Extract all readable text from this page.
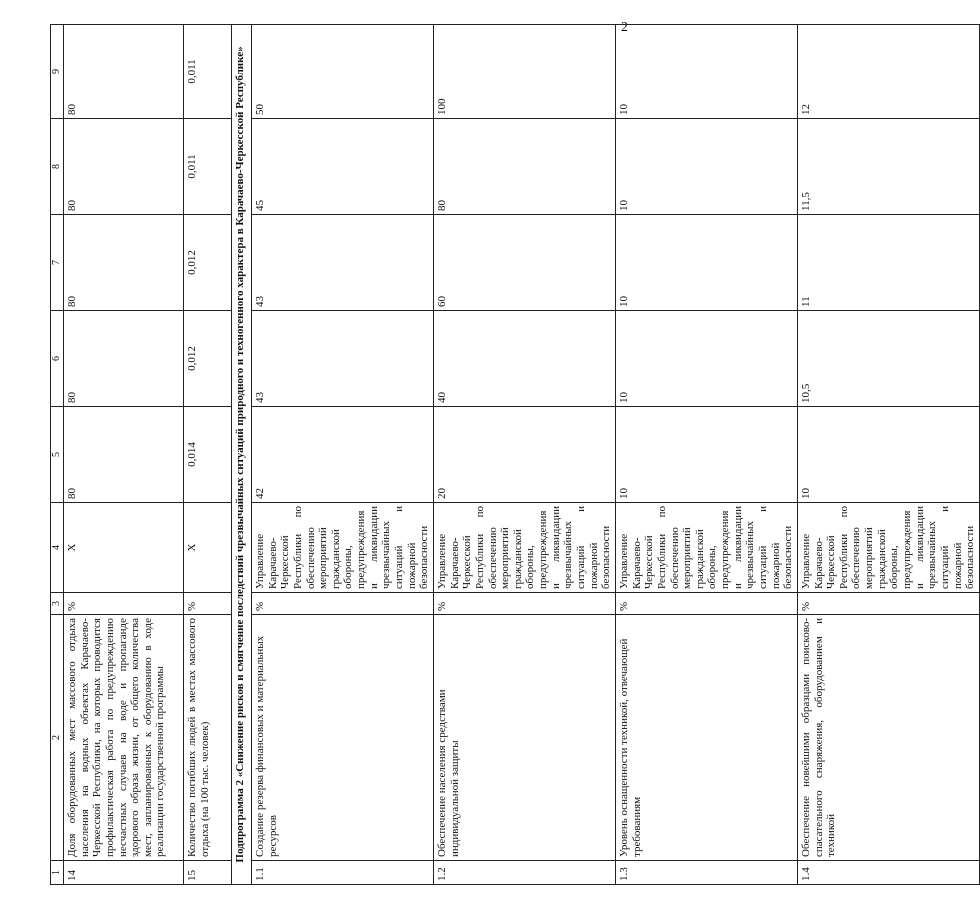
2
1	2	3	4	5	6	7	8	9
14	Доля оборудованных мест массового отдыха населения на водных объектах Карачаево-Черкесской Республики, на которых проводится профилактическая работа по предупреждению несчастных случаев на воде и пропаганде здорового образа жизни, от общего количества мест, запланированных к оборудованию в ходе реализации государственной программы	%	X	80	80	80	80	80
15	Количество погибших людей в местах массового отдыха (на 100 тыс. человек)	%	X	0,014	0,012	0,012	0,011	0,011
Подпрограмма 2 «Снижение рисков и смягчение последствий чрезвычайных ситуаций природного и техногенного характера в Карачаево-Черкесской Республике»								
1.1	Создание резерва финансовых и материальных ресурсов	%	Управление Карачаево-Черкесской Республики по обеспечению мероприятий гражданской обороны, предупреждения и ликвидации чрезвычайных ситуаций и пожарной безопасности	42	43	43	45	50
1.2	Обеспечение населения средствами индивидуальной защиты	%	Управление Карачаево-Черкесской Республики по обеспечению мероприятий гражданской обороны, предупреждения и ликвидации чрезвычайных ситуаций и пожарной безопасности	20	40	60	80	100
1.3	Уровень оснащенности техникой, отвечающей требованиям	%	Управление Карачаево-Черкесской Республики по обеспечению мероприятий гражданской обороны, предупреждения и ликвидации чрезвычайных ситуаций и пожарной безопасности	10	10	10	10	10
1.4	Обеспечение новейшими образцами поисково-спасательного снаряжения, оборудованием и техникой	%	Управление Карачаево-Черкесской Республики по обеспечению мероприятий гражданской обороны, предупреждения и ликвидации чрезвычайных ситуаций и пожарной безопасности	10	10,5	11	11,5	12
